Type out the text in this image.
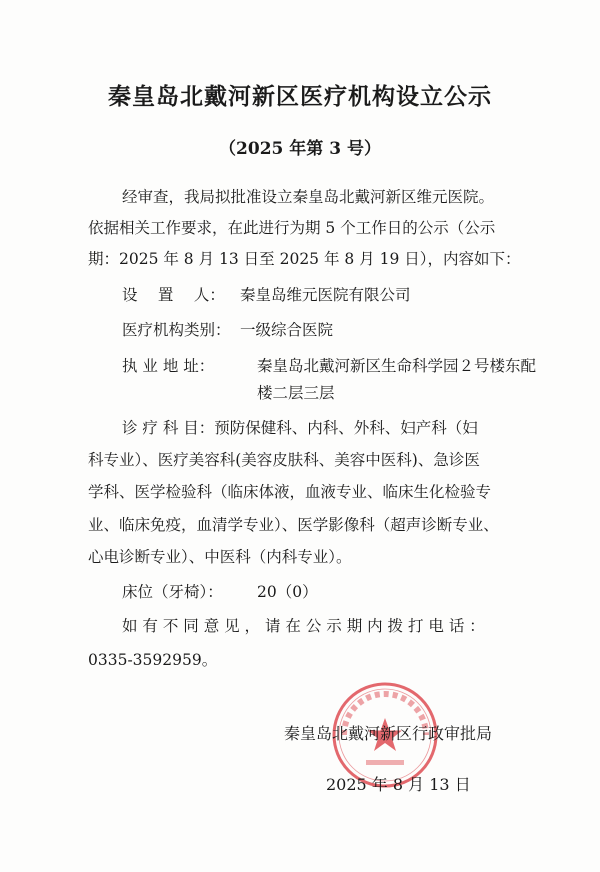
秦皇岛北戴河新区医疗机构设立公示
（2025 年第 3 号）
经审查，我局拟批准设立秦皇岛北戴河新区维元医院。
依据相关工作要求，在此进行为期 5 个工作日的公示（公示
期：2025 年 8 月 13 日至 2025 年 8 月 19 日），内容如下：
设　 置　 人： 秦皇岛维元医院有限公司
医疗机构类别： 一级综合医院
执 业 地 址：	秦皇岛北戴河新区生命科学园２号楼东配
楼二层三层
诊 疗 科 目：预防保健科、内科、外科、妇产科（妇
科专业）、医疗美容科(美容皮肤科、美容中医科)、急诊医
学科、医学检验科（临床体液，血液专业、临床生化检验专
业、临床免疫，血清学专业）、医学影像科（超声诊断专业、
心电诊断专业）、中医科（内科专业）。
床位（牙椅）： 20（0）
如 有 不 同 意 见 ， 请 在 公 示 期 内 拨 打 电 话 ：
0335-3592959。
秦皇岛北戴河新区行政审批局
2025 年 8 月 13 日
